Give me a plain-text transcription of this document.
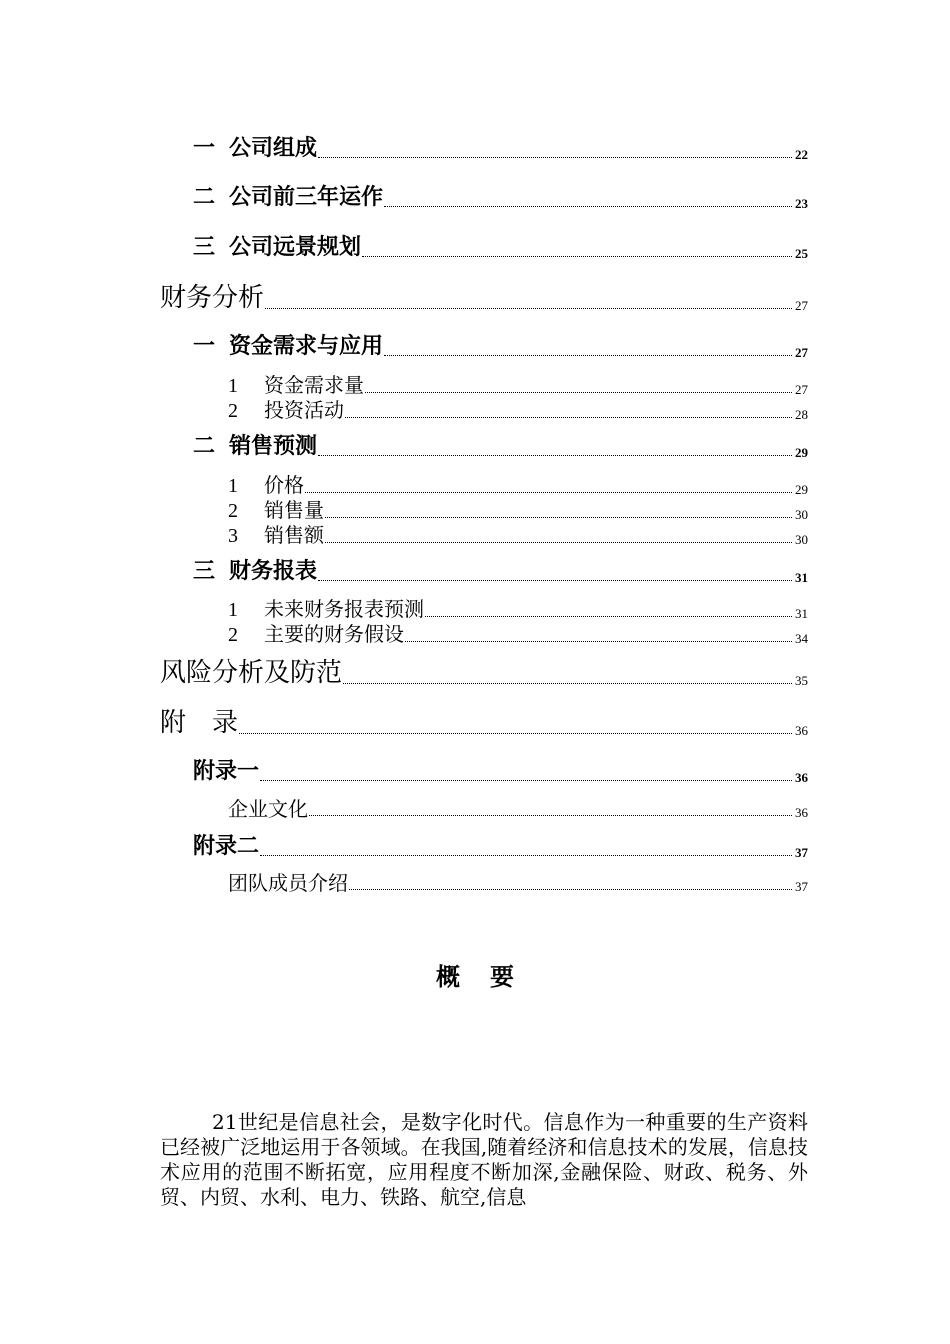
一 公司组成	22
二 公司前三年运作	23
三 公司远景规划	25
财务分析	27
一 资金需求与应用	27
1 资金需求量	27
2 投资活动	28
二 销售预测	29
1 价格	29
2 销售量	30
3 销售额	30
三 财务报表	31
1 未来财务报表预测	31
2 主要的财务假设	34
风险分析及防范	35
附　录	36
附录一	36
企业文化	36
附录二	37
团队成员介绍	37
概 要
21世纪是信息社会，是数字化时代。信息作为一种重要的生产资料已经被广泛地运用于各领域。在我国,随着经济和信息技术的发展，信息技术应用的范围不断拓宽，应用程度不断加深,金融保险、财政、税务、外贸、内贸、水利、电力、铁路、航空,信息
